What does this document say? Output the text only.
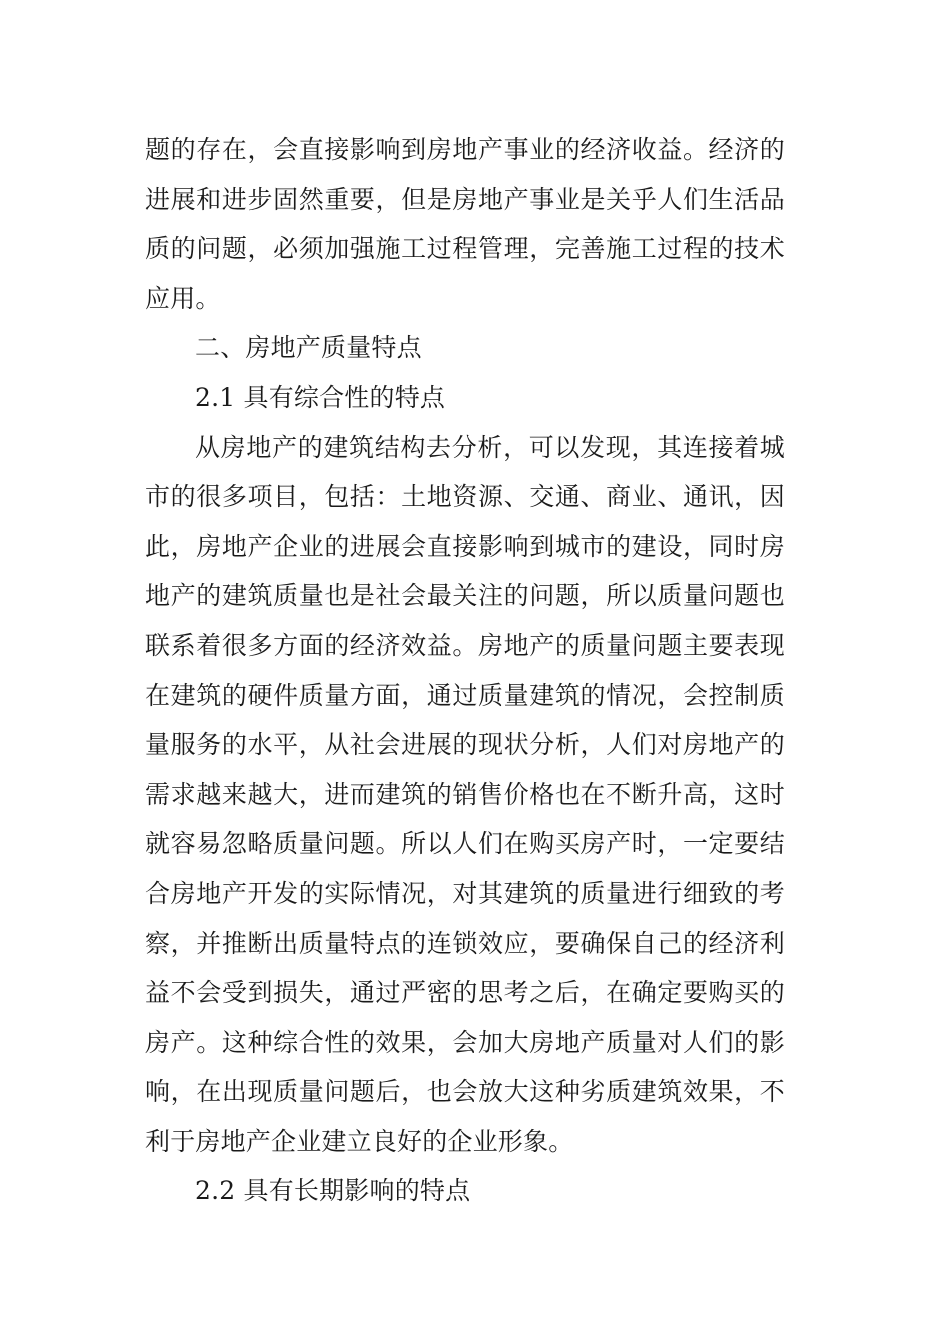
题的存在，会直接影响到房地产事业的经济收益。经济的进展和进步固然重要，但是房地产事业是关乎人们生活品质的问题，必须加强施工过程管理，完善施工过程的技术应用。

二、房地产质量特点

2.1 具有综合性的特点

从房地产的建筑结构去分析，可以发现，其连接着城市的很多项目，包括：土地资源、交通、商业、通讯，因此，房地产企业的进展会直接影响到城市的建设，同时房地产的建筑质量也是社会最关注的问题，所以质量问题也联系着很多方面的经济效益。房地产的质量问题主要表现在建筑的硬件质量方面，通过质量建筑的情况，会控制质量服务的水平，从社会进展的现状分析，人们对房地产的需求越来越大，进而建筑的销售价格也在不断升高，这时就容易忽略质量问题。所以人们在购买房产时，一定要结合房地产开发的实际情况，对其建筑的质量进行细致的考察，并推断出质量特点的连锁效应，要确保自己的经济利益不会受到损失，通过严密的思考之后，在确定要购买的房产。这种综合性的效果，会加大房地产质量对人们的影响，在出现质量问题后，也会放大这种劣质建筑效果，不利于房地产企业建立良好的企业形象。

2.2 具有长期影响的特点
